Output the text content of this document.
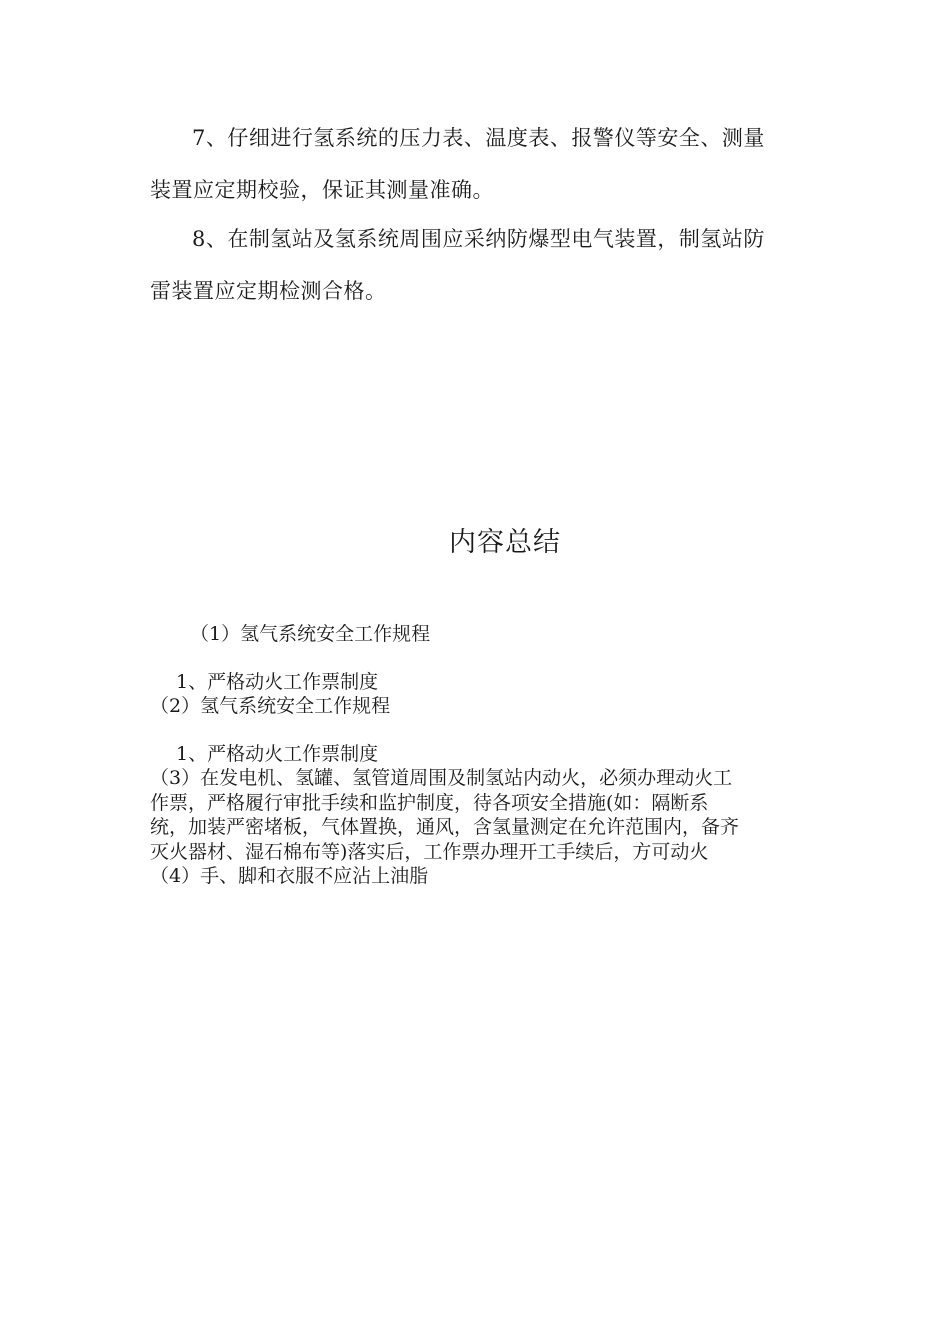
7、仔细进行氢系统的压力表、温度表、报警仪等安全、测量
装置应定期校验，保证其测量准确。

8、在制氢站及氢系统周围应采纳防爆型电气装置，制氢站防
雷装置应定期检测合格。

内容总结

（1）氢气系统安全工作规程

1、严格动火工作票制度

（2）氢气系统安全工作规程

1、严格动火工作票制度

（3）在发电机、氢罐、氢管道周围及制氢站内动火，必须办理动火工

作票，严格履行审批手续和监护制度，待各项安全措施(如：隔断系

统，加装严密堵板，气体置换，通风，含氢量测定在允许范围内，备齐

灭火器材、湿石棉布等)落实后，工作票办理开工手续后，方可动火

（4）手、脚和衣服不应沾上油脂
